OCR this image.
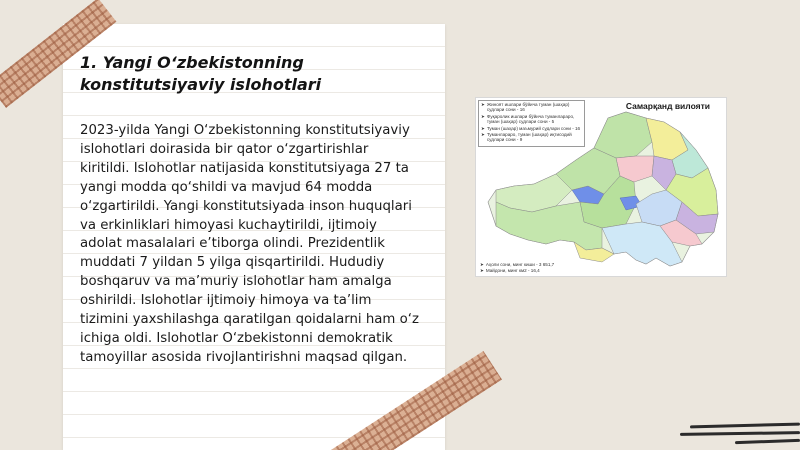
1. Yangi O‘zbekistonning konstitutsiyaviy islohotlari

2023-yilda Yangi O‘zbekistonning konstitutsiyaviy islohotlari doirasida bir qator o‘zgartirishlar kiritildi. Islohotlar natijasida konstitutsiyaga 27 ta yangi modda qo‘shildi va mavjud 64 modda o‘zgartirildi. Yangi konstitutsiyada inson huquqlari va erkinliklari himoyasi kuchaytirildi, ijtimoiy adolat masalalari e’tiborga olindi. Prezidentlik muddati 7 yildan 5 yilga qisqartirildi. Hududiy boshqaruv va ma’muriy islohotlar ham amalga oshirildi. Islohotlar ijtimoiy himoya va ta’lim tizimini yaxshilashga qaratilgan qoidalarni ham o‘z ichiga oldi. Islohotlar O‘zbekistonni demokratik tamoyillar asosida rivojlantirishni maqsad qilgan.

Самарқанд вилояти
➤ Жиноят ишлари бўйича туман (шаҳар) судлари сони - 16
➤ Фуқаролик ишлари бўйича туманлараро, туман (шаҳар) судлари сони - 5
➤ Туман (шаҳар) маъмурий судлари сони - 16
➤ Туманлараро, туман (шаҳар) иқтисодий судлари сони - 9
➤ Аҳоли сони, минг киши - 3 651,7
➤ Майдони, минг км2 - 16,4
